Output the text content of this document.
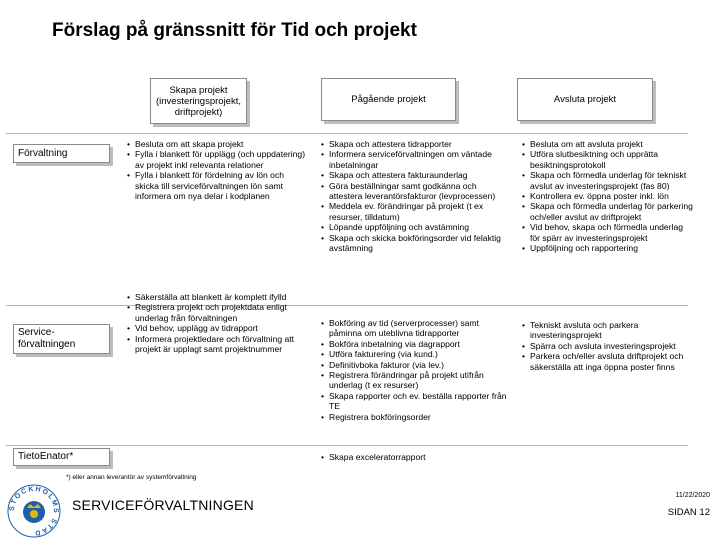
Förslag på gränssnitt för Tid och projekt
Skapa projekt (investeringsprojekt, driftprojekt)
Pågående projekt	Avsluta projekt
Förvaltning
Service- förvaltningen
TietoEnator*
• Besluta om att skapa projekt
• Fylla i blankett för upplägg (och uppdatering) av projekt inkl relevanta relationer
• Fylla i blankett för fördelning av lön och skicka till serviceförvaltningen lön samt informera om nya delar i kodplanen
• Skapa och attestera tidrapporter
• Informera serviceförvaltningen om väntade inbetalningar
• Skapa och attestera fakturaunderlag
• Göra beställningar samt godkänna och attestera leverantörsfakturor (levprocessen)
• Meddela ev. förändringar på projekt (t ex resurser, tilldatum)
• Löpande uppföljning och avstämning
• Skapa och skicka bokföringsorder vid felaktig avstämning
• Besluta om att avsluta projekt
• Utföra slutbesiktning och upprätta besiktningsprotokoll
• Skapa och förmedla underlag för tekniskt avslut av investeringsprojekt (fas 80)
• Kontrollera ev. öppna poster inkl. lön
• Skapa och förmedla underlag för parkering och/eller avslut av driftprojekt
• Vid behov, skapa och förmedla underlag för spärr av investeringsprojekt
• Uppföljning och rapportering
• Säkerställa att blankett är komplett ifylld
• Registrera projekt och projektdata enligt underlag från förvaltningen
• Vid behov, upplägg av tidrapport
• Informera projektledare och förvaltning att projekt är upplagt samt projektnummer
• Bokföring av tid (serverprocesser) samt påminna om uteblivna tidrapporter
• Bokföra inbetalning via dagrapport
• Utföra fakturering (via kund.)
• Definitivboka fakturor (via lev.)
• Registrera förändringar på projekt utifrån underlag (t ex resurser)
• Skapa rapporter och ev. beställa rapporter från TE
• Registrera bokföringsorder
• Tekniskt avsluta och parkera investeringsprojekt
• Spärra och avsluta investeringsprojekt
• Parkera och/eller avsluta driftprojekt och säkerställa att inga öppna poster finns
• Skapa exceleratorrapport
*) eller annan leverantör av systemförvaltning
STOCKHOLMS STAD
SERVICEFÖRVALTNINGEN
11/22/2020
SIDAN 12
